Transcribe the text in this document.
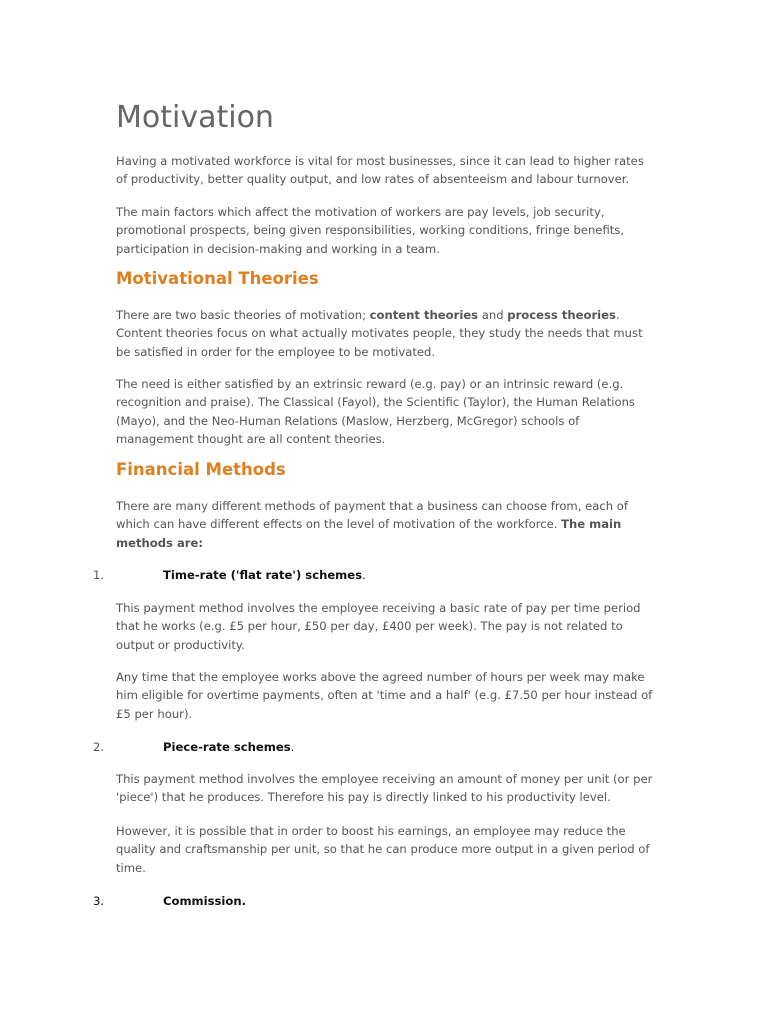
Motivation

Having a motivated workforce is vital for most businesses, since it can lead to higher rates of productivity, better quality output, and low rates of absenteeism and labour turnover.

The main factors which affect the motivation of workers are pay levels, job security, promotional prospects, being given responsibilities, working conditions, fringe benefits, participation in decision-making and working in a team.

Motivational Theories

There are two basic theories of motivation; content theories and process theories. Content theories focus on what actually motivates people, they study the needs that must be satisfied in order for the employee to be motivated.

The need is either satisfied by an extrinsic reward (e.g. pay) or an intrinsic reward (e.g. recognition and praise). The Classical (Fayol), the Scientific (Taylor), the Human Relations (Mayo), and the Neo-Human Relations (Maslow, Herzberg, McGregor) schools of management thought are all content theories.

Financial Methods

There are many different methods of payment that a business can choose from, each of which can have different effects on the level of motivation of the workforce. The main methods are:

1.	Time-rate ('flat rate') schemes.

This payment method involves the employee receiving a basic rate of pay per time period that he works (e.g. £5 per hour, £50 per day, £400 per week). The pay is not related to output or productivity.

Any time that the employee works above the agreed number of hours per week may make him eligible for overtime payments, often at 'time and a half' (e.g. £7.50 per hour instead of £5 per hour).

2.	Piece-rate schemes.

This payment method involves the employee receiving an amount of money per unit (or per 'piece') that he produces. Therefore his pay is directly linked to his productivity level.

However, it is possible that in order to boost his earnings, an employee may reduce the quality and craftsmanship per unit, so that he can produce more output in a given period of time.

3.	Commission.
